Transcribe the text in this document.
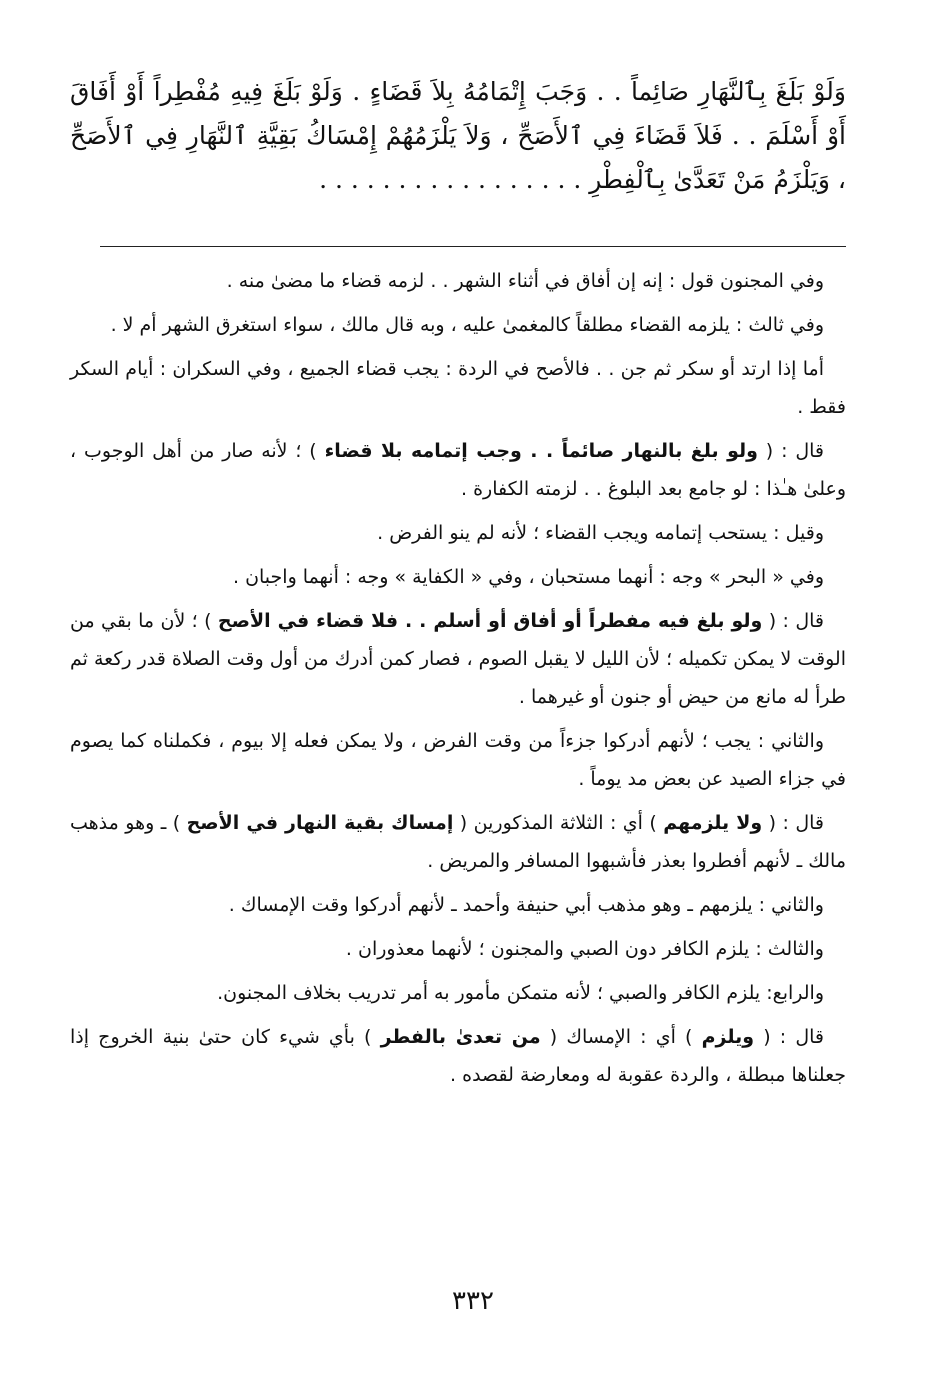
وَلَوْ بَلَغَ بِٱلنَّهَارِ صَائِماً . . وَجَبَ إِتْمَامُهُ بِلاَ قَضَاءٍ . وَلَوْ بَلَغَ فِيهِ مُفْطِراً أَوْ أَفَاقَ أَوْ أَسْلَمَ . . فَلاَ قَضَاءَ فِي ٱلأَصَحِّ ، وَلاَ يَلْزَمُهُمْ إِمْسَاكُ بَقِيَّةِ ٱلنَّهَارِ فِي ٱلأَصَحِّ ، وَيَلْزَمُ مَنْ تَعَدَّىٰ بِٱلْفِطْرِ . . . . . . . . . . . . . . . . .

وفي المجنون قول : إنه إن أفاق في أثناء الشهر . . لزمه قضاء ما مضىٰ منه .

وفي ثالث : يلزمه القضاء مطلقاً كالمغمىٰ عليه ، وبه قال مالك ، سواء استغرق الشهر أم لا .

أما إذا ارتد أو سكر ثم جن . . فالأصح في الردة : يجب قضاء الجميع ، وفي السكران : أيام السكر فقط .

قال : ( ولو بلغ بالنهار صائماً . . وجب إتمامه بلا قضاء ) ؛ لأنه صار من أهل الوجوب ، وعلىٰ هـٰذا : لو جامع بعد البلوغ . . لزمته الكفارة .

وقيل : يستحب إتمامه ويجب القضاء ؛ لأنه لم ينو الفرض .

وفي « البحر » وجه : أنهما مستحبان ، وفي « الكفاية » وجه : أنهما واجبان .

قال : ( ولو بلغ فيه مفطراً أو أفاق أو أسلم . . فلا قضاء في الأصح ) ؛ لأن ما بقي من الوقت لا يمكن تكميله ؛ لأن الليل لا يقبل الصوم ، فصار كمن أدرك من أول وقت الصلاة قدر ركعة ثم طرأ له مانع من حيض أو جنون أو غيرهما .

والثاني : يجب ؛ لأنهم أدركوا جزءاً من وقت الفرض ، ولا يمكن فعله إلا بيوم ، فكملناه كما يصوم في جزاء الصيد عن بعض مد يوماً .

قال : ( ولا يلزمهم ) أي : الثلاثة المذكورين ( إمساك بقية النهار في الأصح ) ـ وهو مذهب مالك ـ لأنهم أفطروا بعذر فأشبهوا المسافر والمريض .

والثاني : يلزمهم ـ وهو مذهب أبي حنيفة وأحمد ـ لأنهم أدركوا وقت الإمساك .

والثالث : يلزم الكافر دون الصبي والمجنون ؛ لأنهما معذوران .

والرابع: يلزم الكافر والصبي ؛ لأنه متمكن مأمور به أمر تدريب بخلاف المجنون.

قال : ( ويلزم ) أي : الإمساك ( من تعدىٰ بالفطر ) بأي شيء كان حتىٰ بنية الخروج إذا جعلناها مبطلة ، والردة عقوبة له ومعارضة لقصده .

٣٣٢
